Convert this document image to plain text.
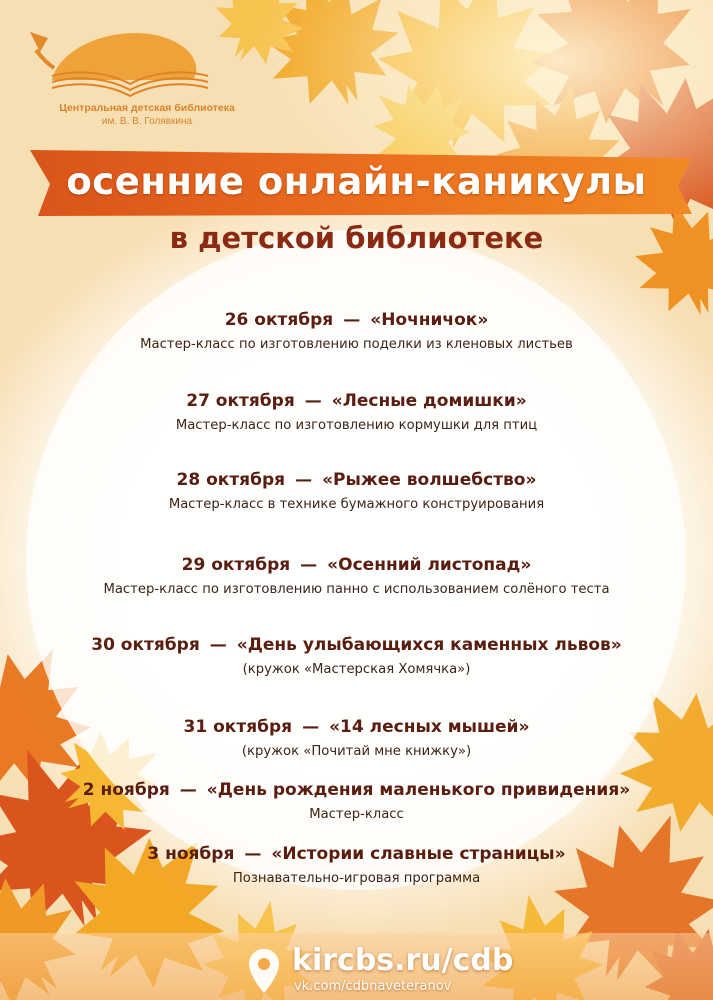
Центральная детская библиотека
им. В. В. Голявкина
осенние онлайн-каникулы
в детской библиотеке
26 октября — «Ночничок»
Мастер-класс по изготовлению поделки из кленовых листьев
27 октября — «Лесные домишки»
Мастер-класс по изготовлению кормушки для птиц
28 октября — «Рыжее волшебство»
Мастер-класс в технике бумажного конструирования
29 октября — «Осенний листопад»
Мастер-класс по изготовлению панно с использованием солёного теста
30 октября — «День улыбающихся каменных львов»
(кружок «Мастерская Хомячка»)
31 октября — «14 лесных мышей»
(кружок «Почитай мне книжку»)
2 ноября — «День рождения маленького привидения»
Мастер-класс
3 ноября — «Истории славные страницы»
Познавательно-игровая программа
kircbs.ru/cdb
vk.com/cdbnaveteranov
